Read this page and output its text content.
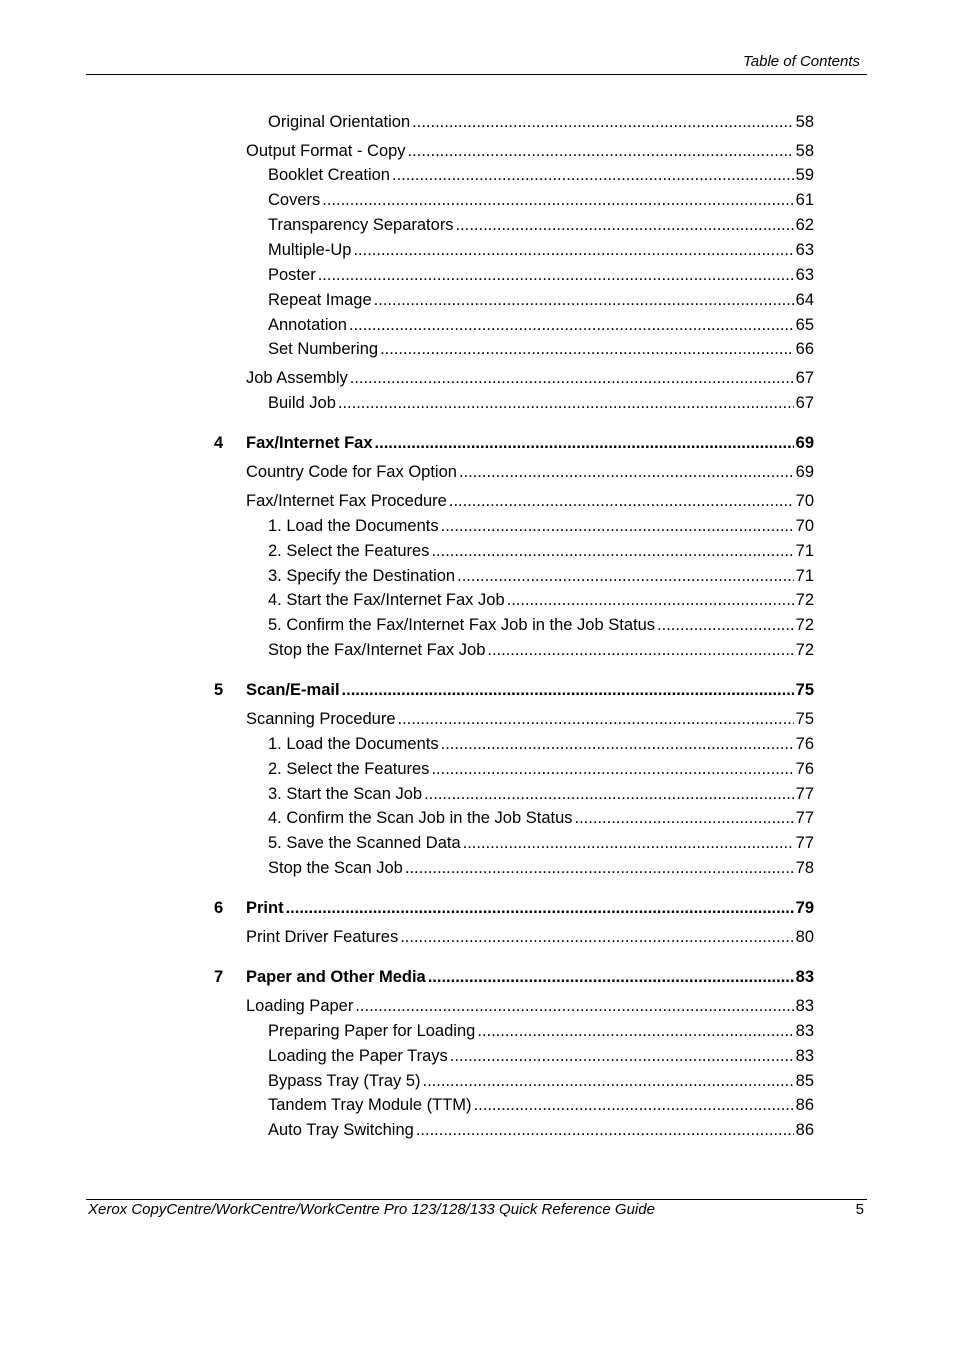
Table of Contents
Original Orientation .....	58
Output Format - Copy .....	58
Booklet Creation .....	59
Covers .....	61
Transparency Separators .....	62
Multiple-Up .....	63
Poster .....	63
Repeat Image .....	64
Annotation .....	65
Set Numbering .....	66
Job Assembly .....	67
Build Job .....	67
4 Fax/Internet Fax .....	69
Country Code for Fax Option .....	69
Fax/Internet Fax Procedure .....	70
1. Load the Documents .....	70
2. Select the Features .....	71
3. Specify the Destination .....	71
4. Start the Fax/Internet Fax Job .....	72
5. Confirm the Fax/Internet Fax Job in the Job Status .....	72
Stop the Fax/Internet Fax Job .....	72
5 Scan/E-mail .....	75
Scanning Procedure .....	75
1. Load the Documents .....	76
2. Select the Features .....	76
3. Start the Scan Job .....	77
4. Confirm the Scan Job in the Job Status .....	77
5. Save the Scanned Data .....	77
Stop the Scan Job .....	78
6 Print .....	79
Print Driver Features .....	80
7 Paper and Other Media .....	83
Loading Paper .....	83
Preparing Paper for Loading .....	83
Loading the Paper Trays .....	83
Bypass Tray (Tray 5) .....	85
Tandem Tray Module (TTM) .....	86
Auto Tray Switching .....	86
Xerox CopyCentre/WorkCentre/WorkCentre Pro 123/128/133 Quick Reference Guide	5
